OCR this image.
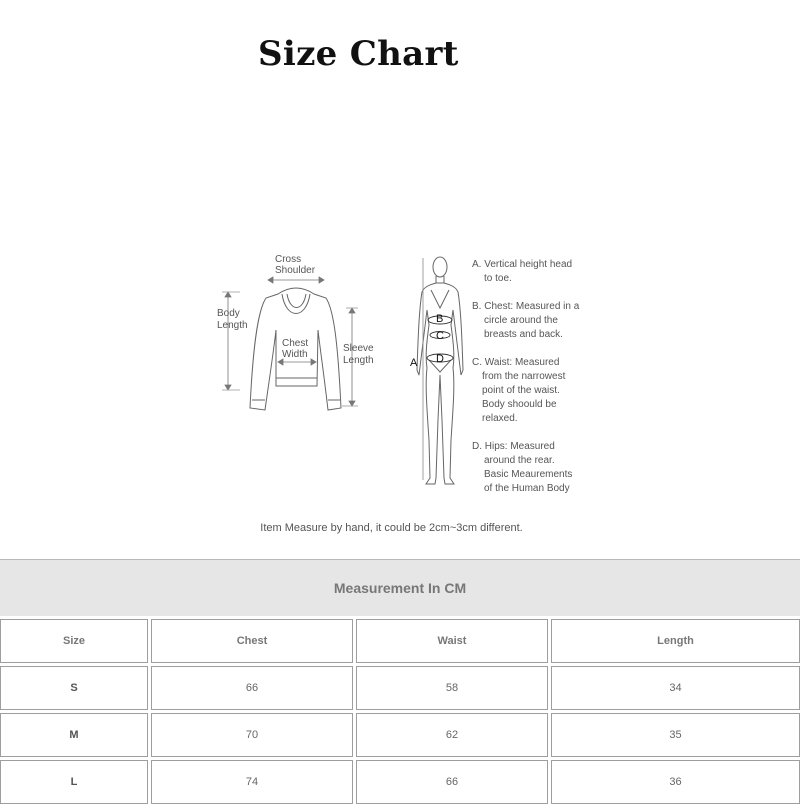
Size Chart
Cross
Shoulder
Body
Length
Chest
Width
Sleeve
Length
B
C
D
A
A. Vertical height head
to toe.
B. Chest: Measured in a
circle around the
breasts and back.
C. Waist: Measured
from the narrowest
point of the waist.
Body shoould be
relaxed.
D. Hips: Measured
around the rear.
Basic Meaurements
of the Human Body
Item Measure by hand, it could be 2cm~3cm different.
Measurement In CM						
Size		Chest		Waist		Length
S		66		58		34
M		70		62		35
L		74		66		36
